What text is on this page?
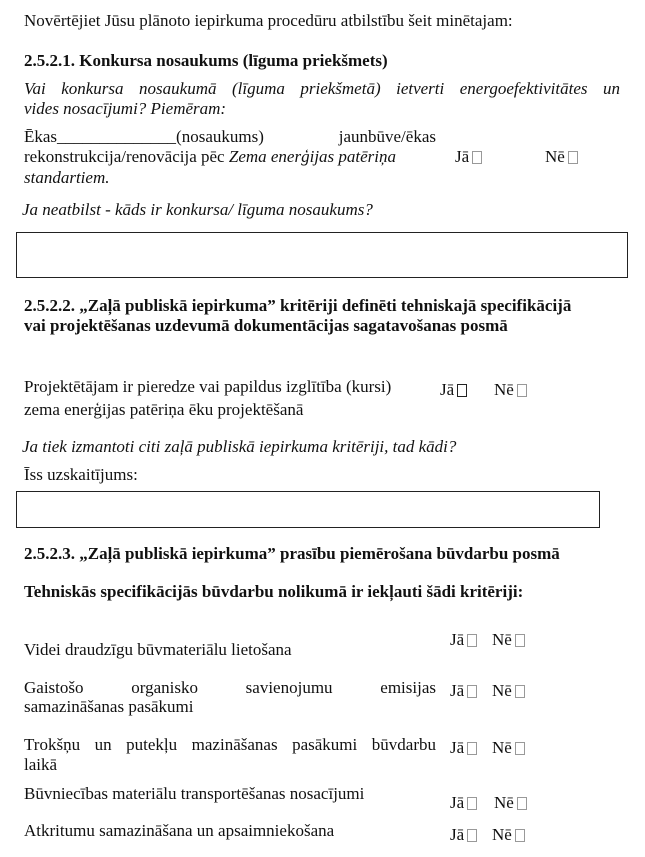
Novērtējiet Jūsu plānoto iepirkuma procedūru atbilstību šeit minētajam:
2.5.2.1. Konkursa nosaukums (līguma priekšmets)
Vai konkursa nosaukumā (līguma priekšmetā) ietverti energoefektivitātes un
vides nosacījumi? Piemēram:
Ēkas______________(nosaukums) jaunbūve/ēkas
rekonstrukcija/renovācija pēc Zema enerģijas patēriņa
standartiem.
Jā	Nē
Ja neatbilst - kāds ir konkursa/ līguma nosaukums?
2.5.2.2. „Zaļā publiskā iepirkuma” kritēriji definēti tehniskajā specifikācijā
vai projektēšanas uzdevumā dokumentācijas sagatavošanas posmā
Projektētājam ir pieredze vai papildus izglītība (kursi)
zema enerģijas patēriņa ēku projektēšanā
Jā	Nē
Ja tiek izmantoti citi zaļā publiskā iepirkuma kritēriji, tad kādi?
Īss uzskaitījums:
2.5.2.3. „Zaļā publiskā iepirkuma” prasību piemērošana būvdarbu posmā
Tehniskās specifikācijās būvdarbu nolikumā ir iekļauti šādi kritēriji:
Videi draudzīgu būvmateriālu lietošana
Jā	Nē
Gaistošo organisko savienojumu emisijas
samazināšanas pasākumi
Jā	Nē
Trokšņu un putekļu mazināšanas pasākumi būvdarbu
laikā
Jā	Nē
Būvniecības materiālu transportēšanas nosacījumi	Jā	Nē
Atkritumu samazināšana un apsaimniekošana	Jā	Nē
